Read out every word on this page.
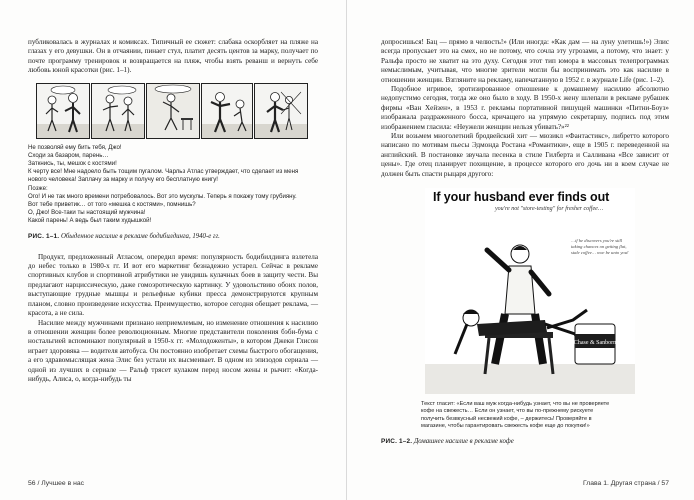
публиковалась в журналах и комиксах. Типичный ее сюжет: слабака оскорбляет на пляже на глазах у его девушки. Он в отчаянии, пинает стул, платит десять центов за марку, получает по почте программу тренировок и возвращается на пляж, чтобы взять реванш и вернуть себе любовь юной красотки (рис. 1–1).

Не позволяй ему бить тебя, Джо!
Сходи за базаром, парень…
Заткнись, ты, мешок с костями!
К черту все! Мне надоело быть тощим пугалом. Чарльз Атлас утверждает, что сделает из меня нового человека! Заплачу за марку и получу его бесплатную книгу!
Позже:
Ого! И не так много времени потребовалось. Вот это мускулы. Теперь я покажу тому грубияну.
Вот тебе приветик… от того «мешка с костями», помнишь?
О, Джо! Все-таки ты настоящий мужчина!
Какой парень! А ведь был таким худышкой!
РИС. 1–1. Обыденное насилие в рекламе бодибилдинга, 1940-е гг.

Продукт, предложенный Атласом, опередил время: популярность бодибилдинга взлетела до небес только в 1980-х гг. И вот его маркетинг безнадежно устарел. Сейчас в рекламе спортивных клубов и спортивной атрибутики не увидишь кулачных боев в защиту чести. Вы предлагают нарциссическую, даже гомоэротическую картинку. У удовольствию обоих полов, выступающие грудные мышцы и рельефные кубики пресса демонстрируются крупным планом, словно произведение искусства. Преимущество, которое сегодня обещает реклама, — красота, а не сила.

Насилие между мужчинами признано неприемлемым, но изменение отношения к насилию в отношении женщин более революционным. Многие представители поколения бэби-бума с ностальгией вспоминают популярный в 1950-х гг. «Молодоженты», в котором Джеки Глисон играет здоровяка — водителя автобуса. Он постоянно изобретает схемы быстрого обогащения, а его здравомыслящая жена Элис без устали их высмеивает. В одном из эпизодов сериала — одной из лучших в сериале — Ральф трясет кулаком перед носом жены и рычит: «Когда-нибудь, Алиса, о, когда-нибудь ты

56 / Лучшее в нас

допросишься! Бац — прямо в челюсть!» (Или иногда: «Как дам — на луну улетишь!») Элис всегда пропускает это на смех, но не потому, что сочла эту угрозами, а потому, что знает: у Ральфа просто не хватит на это духу. Сегодня этот тип юмора в массовых телепрограммах немыслимым, учитывая, что многие зрители могли бы воспринимать это как насилие в отношении женщин. Взгляните на рекламу, напечатанную в 1952 г. в журнале Life (рис. 1–2).

Подобное игривое, эротизированное отношение к домашнему насилию абсолютно недопустимо сегодня, тогда же оно было в ходу. В 1950-х жену шлепали в рекламе рубашек фирмы «Ван Хейзен», в 1953 г. рекламы портативной пишущей машинки «Питни-Боуз» изображала раздраженного босса, кричащего на упрямую секретаршу, подпись под этим изображением гласила: «Неужели женщин нельзя убивать?»²²

Или возьмем многолетний бродвейский хит — мюзикл «Фантастикс», либретто которого написано по мотивам пьесы Эдмонда Ростана «Романтики», еще в 1905 г. переведенной на английский. В постановке звучала песенка в стиле Гилберта и Салливана «Все зависит от цены». Где отец планирует похищение, в процессе которого его дочь ни в коем случае не должен быть спасти рыцаря другого:

If your husband ever finds out
you're not "store-testing" for fresher coffee…
…if he discovers you're still taking chances on getting flat, stale coffee… woe be unto you!
Chase & Sanborn
Текст гласит: «Если ваш муж когда-нибудь узнает, что вы не проверяете кофе на свежесть… Если он узнает, что вы по-прежнему рискуете получить безвкусный несвежий кофе, – держитесь! Проверяйте в магазине, чтобы гарантировать свежесть кофе еще до покупки!»
РИС. 1–2. Домашнее насилие в рекламе кофе
Глава 1. Другая страна / 57
